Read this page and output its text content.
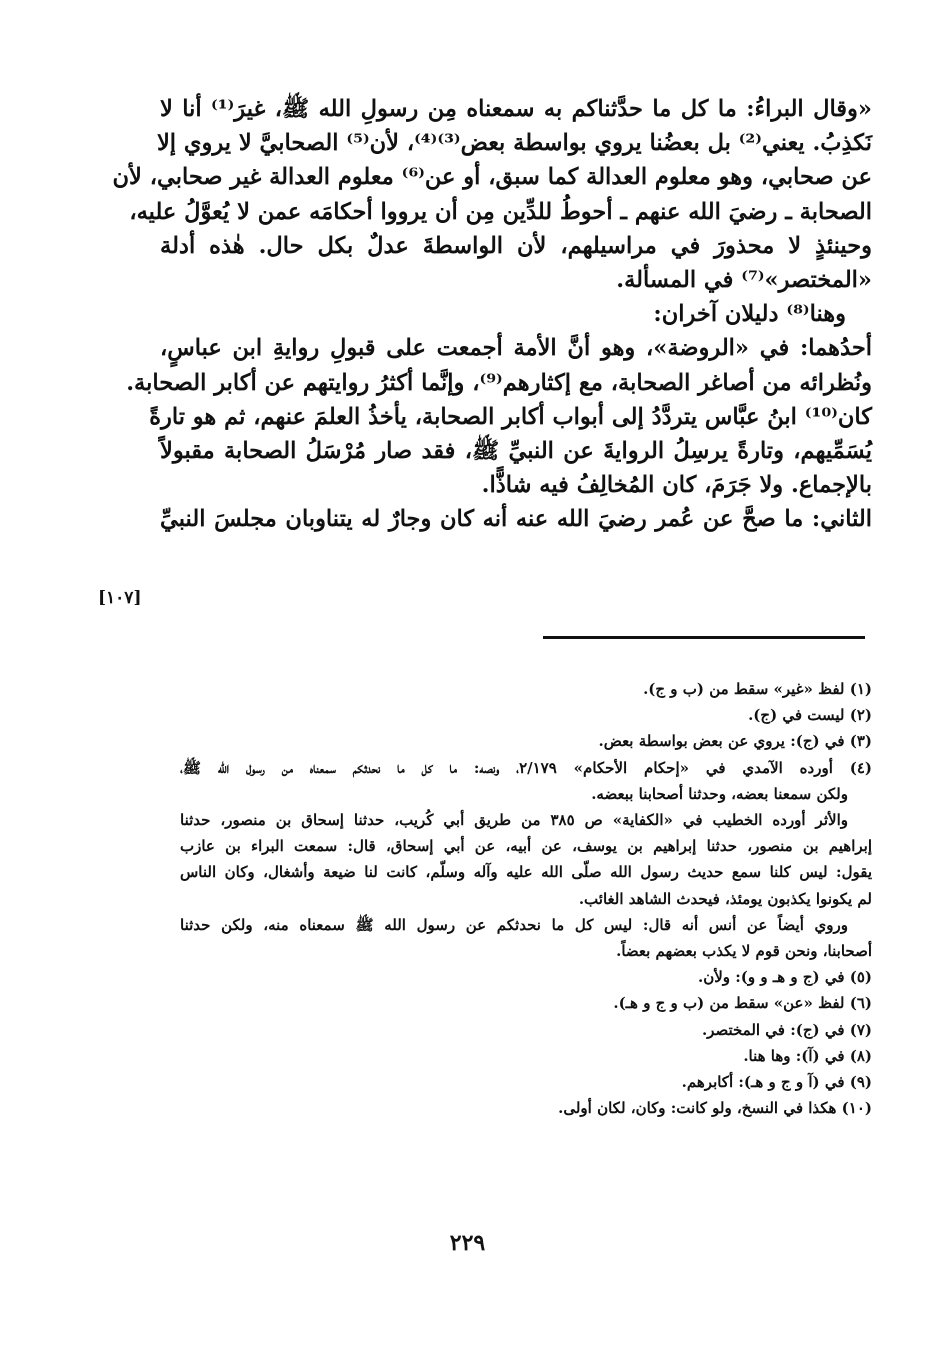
«وقال البراءُ: ما كل ما حدَّثناكم به سمعناه مِن رسولِ الله ﷺ، غيرَ⁽¹⁾ أنا لا
نَكذِبُ. يعني⁽²⁾ بل بعضُنا يروي بواسطة بعض⁽³⁾⁽⁴⁾، لأن⁽⁵⁾ الصحابيَّ لا يروي إلا
عن صحابي، وهو معلوم العدالة كما سبق، أو عن⁽⁶⁾ معلوم العدالة غير صحابي، لأن
الصحابة ـ رضيَ الله عنهم ـ أحوطُ للدِّين مِن أن يرووا أحكامَه عمن لا يُعوَّلُ عليه،
وحينئذٍ لا محذورَ في مراسيلهم، لأن الواسطةَ عدلٌ بكل حال. هٰذه أدلة
«المختصر»⁽⁷⁾ في المسألة.
وهنا⁽⁸⁾ دليلان آخران:
أحدُهما: في «الروضة»، وهو أنَّ الأمة أجمعت على قبولِ روايةِ ابن عباسٍ،
ونُظرائه من أصاغر الصحابة، مع إكثارهم⁽⁹⁾، وإنَّما أكثرُ روايتهم عن أكابر الصحابة.
كان⁽¹⁰⁾ ابنُ عبَّاس يتردَّدُ إلى أبواب أكابر الصحابة، يأخذُ العلمَ عنهم، ثم هو تارةً
يُسَمِّيهم، وتارةً يرسِلُ الروايةَ عن النبيِّ ﷺ، فقد صار مُرْسَلُ الصحابة مقبولاً
بالإجماع. ولا جَرَمَ، كان المُخالِفُ فيه شاذًّا.
الثاني: ما صحَّ عن عُمر رضيَ الله عنه أنه كان وجارٌ له يتناوبان مجلسَ النبيِّ
[١٠٧]
(١) لفظ «غير» سقط من (ب و ج).
(٢) ليست في (ج).
(٣) في (ج): يروي عن بعض بواسطة بعض.
(٤) أورده الآمدي في «إحكام الأحكام» ٢/١٧٩، ونصه: ما كل ما نحدثكم سمعناه من رسول الله ﷺ،
ولكن سمعنا بعضه، وحدثنا أصحابنا ببعضه.
والأثر أورده الخطيب في «الكفاية» ص ٣٨٥ من طريق أبي كُريب، حدثنا إسحاق بن منصور، حدثنا
إبراهيم بن منصور، حدثنا إبراهيم بن يوسف، عن أبيه، عن أبي إسحاق، قال: سمعت البراء بن عازب
يقول: ليس كلنا سمع حديث رسول الله صلّى الله عليه وآله وسلّم، كانت لنا ضيعة وأشغال، وكان الناس
لم يكونوا يكذبون يومئذ، فيحدث الشاهد الغائب.
وروي أيضاً عن أنس أنه قال: ليس كل ما نحدثكم عن رسول الله ﷺ سمعناه منه، ولكن حدثنا
أصحابنا، ونحن قوم لا يكذب بعضهم بعضاً.
(٥) في (ج و هـ و و): ولأن.
(٦) لفظ «عن» سقط من (ب و ج و هـ).
(٧) في (ج): في المختصر.
(٨) في (آ): وها هنا.
(٩) في (آ و ج و هـ): أكابرهم.
(١٠) هكذا في النسخ، ولو كانت: وكان، لكان أولى.
٢٢٩
